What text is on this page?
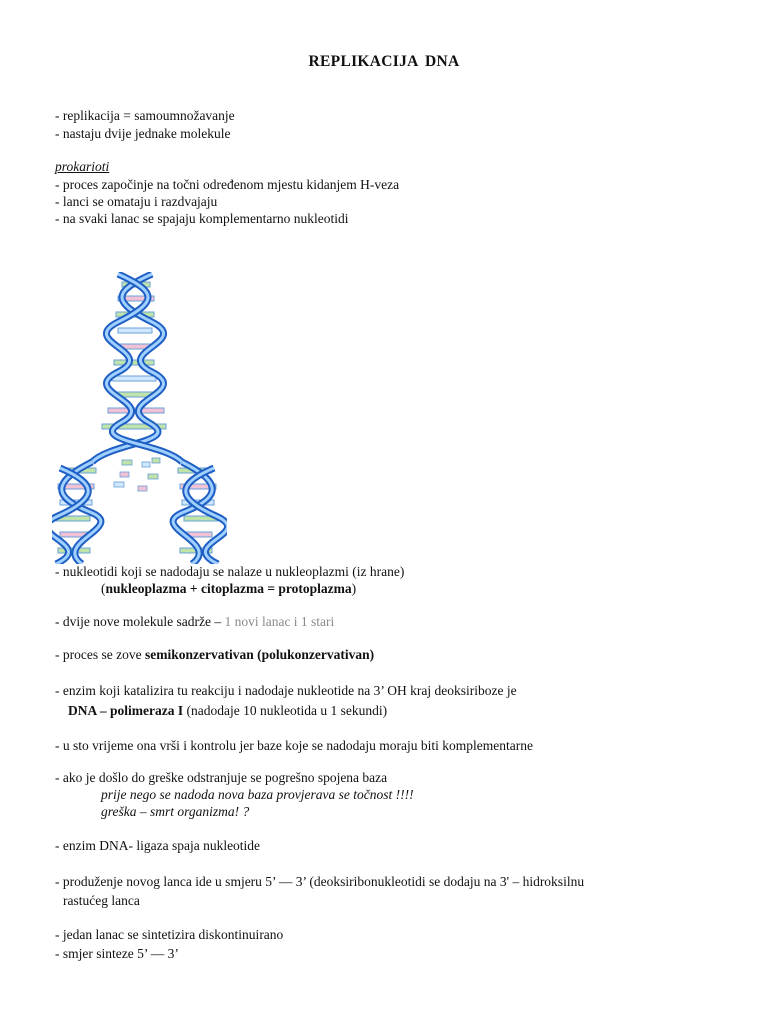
REPLIKACIJA DNA
- replikacija = samoumnožavanje
- nastaju dvije jednake molekule
prokarioti
- proces započinje na točni određenom mjestu kidanjem H-veza
- lanci se omataju i razdvajaju
- na svaki lanac se spajaju komplementarno nukleotidi
- nukleotidi koji se nadodaju se nalaze u nukleoplazmi (iz hrane)
(nukleoplazma + citoplazma = protoplazma)
- dvije nove molekule sadrže – 1 novi lanac i 1 stari
- proces se zove semikonzervativan (polukonzervativan)
- enzim koji katalizira tu reakciju i nadodaje nukleotide na 3’ OH kraj deoksiriboze je
DNA – polimeraza I (nadodaje 10 nukleotida u 1 sekundi)
- u sto vrijeme ona vrši i kontrolu jer baze koje se nadodaju moraju biti komplementarne
- ako je došlo do greške odstranjuje se pogrešno spojena baza
prije nego se nadoda nova baza provjerava se točnost !!!!
greška – smrt organizma! ?
- enzim DNA- ligaza spaja nukleotide
- produženje novog lanca ide u smjeru 5’ — 3’ (deoksiribonukleotidi se dodaju na 3' – hidroksilnu
rastućeg lanca
- jedan lanac se sintetizira diskontinuirano
- smjer sinteze 5’ — 3’
